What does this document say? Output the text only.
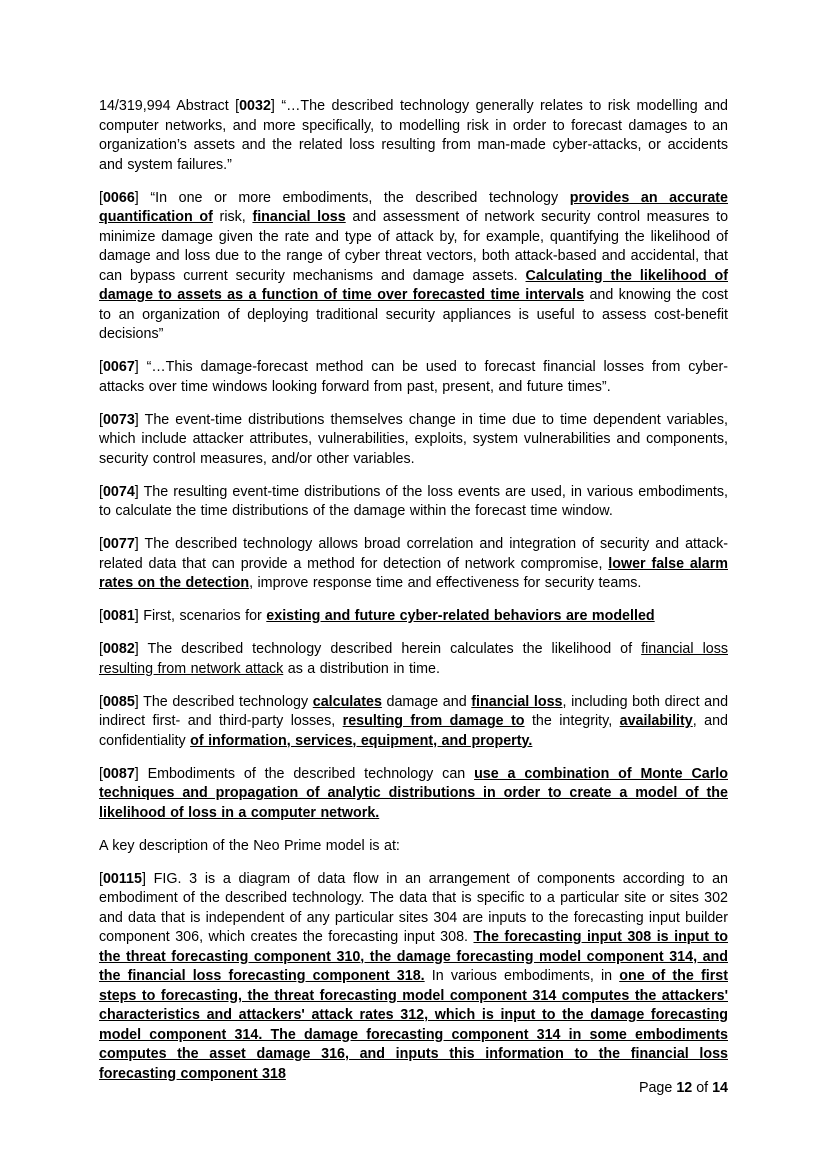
14/319,994 Abstract [0032] “…The described technology generally relates to risk modelling and computer networks, and more specifically, to modelling risk in order to forecast damages to an organization’s assets and the related loss resulting from man-made cyber-attacks, or accidents and system failures.”

[0066] “In one or more embodiments, the described technology provides an accurate quantification of risk, financial loss and assessment of network security control measures to minimize damage given the rate and type of attack by, for example, quantifying the likelihood of damage and loss due to the range of cyber threat vectors, both attack-based and accidental, that can bypass current security mechanisms and damage assets. Calculating the likelihood of damage to assets as a function of time over forecasted time intervals and knowing the cost to an organization of deploying traditional security appliances is useful to assess cost-benefit decisions”

[0067] “…This damage-forecast method can be used to forecast financial losses from cyber-attacks over time windows looking forward from past, present, and future times”.

[0073] The event-time distributions themselves change in time due to time dependent variables, which include attacker attributes, vulnerabilities, exploits, system vulnerabilities and components, security control measures, and/or other variables.

[0074] The resulting event-time distributions of the loss events are used, in various embodiments, to calculate the time distributions of the damage within the forecast time window.

[0077] The described technology allows broad correlation and integration of security and attack-related data that can provide a method for detection of network compromise, lower false alarm rates on the detection, improve response time and effectiveness for security teams.

[0081] First, scenarios for existing and future cyber-related behaviors are modelled

[0082] The described technology described herein calculates the likelihood of financial loss resulting from network attack as a distribution in time.

[0085] The described technology calculates damage and financial loss, including both direct and indirect first- and third-party losses, resulting from damage to the integrity, availability, and confidentiality of information, services, equipment, and property.

[0087] Embodiments of the described technology can use a combination of Monte Carlo techniques and propagation of analytic distributions in order to create a model of the likelihood of loss in a computer network.

A key description of the Neo Prime model is at:

[00115] FIG. 3 is a diagram of data flow in an arrangement of components according to an embodiment of the described technology. The data that is specific to a particular site or sites 302 and data that is independent of any particular sites 304 are inputs to the forecasting input builder component 306, which creates the forecasting input 308. The forecasting input 308 is input to the threat forecasting component 310, the damage forecasting model component 314, and the financial loss forecasting component 318. In various embodiments, in one of the first steps to forecasting, the threat forecasting model component 314 computes the attackers' characteristics and attackers' attack rates 312, which is input to the damage forecasting model component 314. The damage forecasting component 314 in some embodiments computes the asset damage 316, and inputs this information to the financial loss forecasting component 318

Page 12 of 14
